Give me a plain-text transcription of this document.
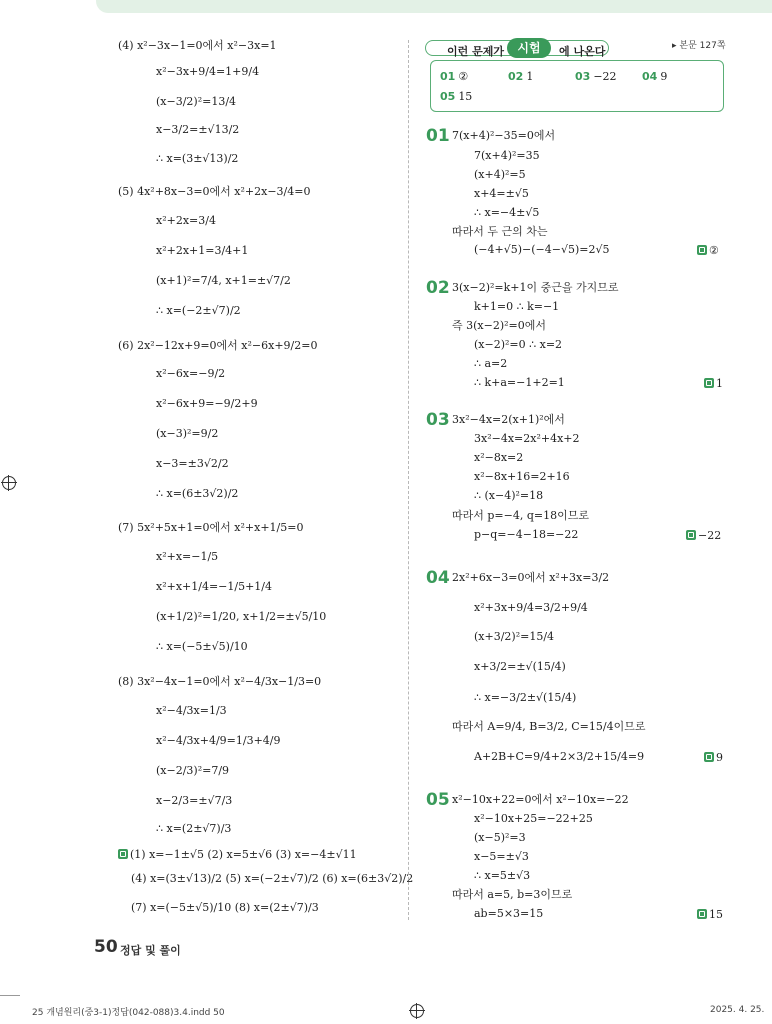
(4) x²−3x−1=0에서 x²−3x=1
x²−3x+9/4=1+9/4
(x−3/2)²=13/4
x−3/2=±√13/2
∴ x=(3±√13)/2
(5) 4x²+8x−3=0에서 x²+2x−3/4=0
x²+2x=3/4
x²+2x+1=3/4+1
(x+1)²=7/4, x+1=±√7/2
∴ x=(−2±√7)/2
(6) 2x²−12x+9=0에서 x²−6x+9/2=0
x²−6x=−9/2
x²−6x+9=−9/2+9
(x−3)²=9/2
x−3=±3√2/2
∴ x=(6±3√2)/2
(7) 5x²+5x+1=0에서 x²+x+1/5=0
x²+x=−1/5
x²+x+1/4=−1/5+1/4
(x+1/2)²=1/20, x+1/2=±√5/10
∴ x=(−5±√5)/10
(8) 3x²−4x−1=0에서 x²−4/3x−1/3=0
x²−4/3x=1/3
x²−4/3x+4/9=1/3+4/9
(x−2/3)²=7/9
x−2/3=±√7/3
∴ x=(2±√7)/3
(1) x=−1±√5 (2) x=5±√6 (3) x=−4±√11
(4) x=(3±√13)/2 (5) x=(−2±√7)/2 (6) x=(6±3√2)/2
(7) x=(−5±√5)/10 (8) x=(2±√7)/3
이런 문제가	시험	에 나온다	▸ 본문 127쪽
01 ②	02 1	03 −22 04 9
05 15
01 7(x+4)²−35=0에서
7(x+4)²=35
(x+4)²=5
x+4=±√5
∴ x=−4±√5
따라서 두 근의 차는
(−4+√5)−(−4−√5)=2√5	②
02 3(x−2)²=k+1이 중근을 가지므로
k+1=0 ∴ k=−1
즉 3(x−2)²=0에서
(x−2)²=0 ∴ x=2
∴ a=2
∴ k+a=−1+2=1	1
03 3x²−4x=2(x+1)²에서
3x²−4x=2x²+4x+2
x²−8x=2
x²−8x+16=2+16
∴ (x−4)²=18
따라서 p=−4, q=18이므로
p−q=−4−18=−22	−22
04 2x²+6x−3=0에서 x²+3x=3/2
x²+3x+9/4=3/2+9/4
(x+3/2)²=15/4
x+3/2=±√(15/4)
∴ x=−3/2±√(15/4)
따라서 A=9/4, B=3/2, C=15/4이므로
A+2B+C=9/4+2×3/2+15/4=9	9
05 x²−10x+22=0에서 x²−10x=−22
x²−10x+25=−22+25
(x−5)²=3
x−5=±√3
∴ x=5±√3
따라서 a=5, b=3이므로
ab=5×3=15	15
50 정답 및 풀이
25 개념원리(중3-1)정답(042-088)3.4.indd 50	2025. 4. 25.
